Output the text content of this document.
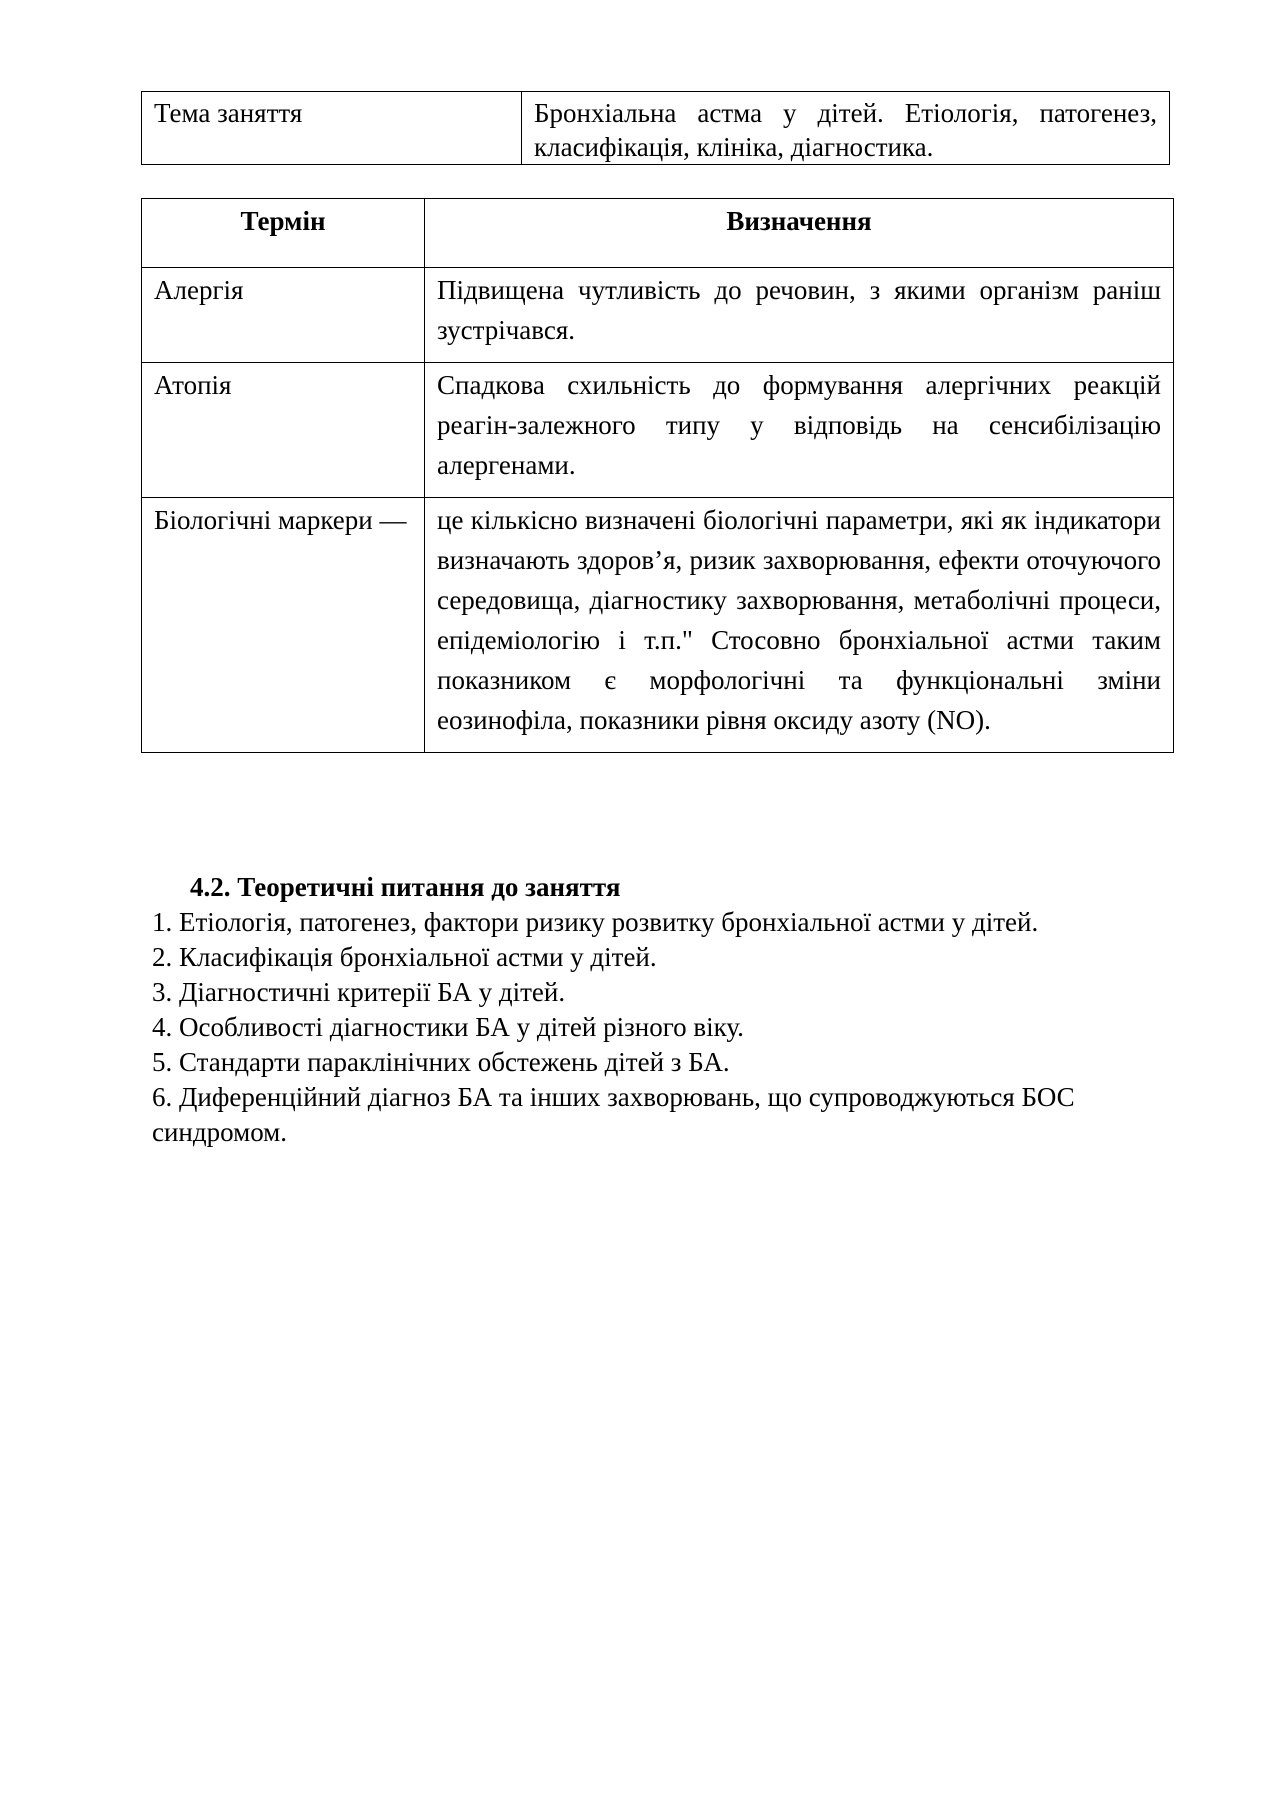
Тема заняття	Бронхіальна астма у дітей. Етіологія, патогенез, класифікація, клініка, діагностика.
Термін	Визначення
Алергія	Підвищена чутливість до речовин, з якими організм раніш зустрічався.
Атопія	Спадкова схильність до формування алергічних реакцій реагін-залежного типу у відповідь на сенсибілізацію алергенами.
Біологічні маркери —	це кількісно визначені біологічні параметри, які як індикатори визначають здоров’я, ризик захворювання, ефекти оточуючого середовища, діагностику захворювання, метаболічні процеси, епідеміологію і т.п." Стосовно бронхіальної астми таким показником є морфологічні та функціональні зміни еозинофіла, показники рівня оксиду азоту (NO).
4.2. Теоретичні питання до заняття

1. Етіологія, патогенез, фактори ризику розвитку бронхіальної астми у дітей.

2. Класифікація бронхіальної астми у дітей.

3. Діагностичні критерії БА у дітей.

4. Особливості діагностики БА у дітей різного віку.

5. Стандарти параклінічних обстежень дітей з БА.

6. Диференційний діагноз БА та інших захворювань, що супроводжуються БОС синдромом.
